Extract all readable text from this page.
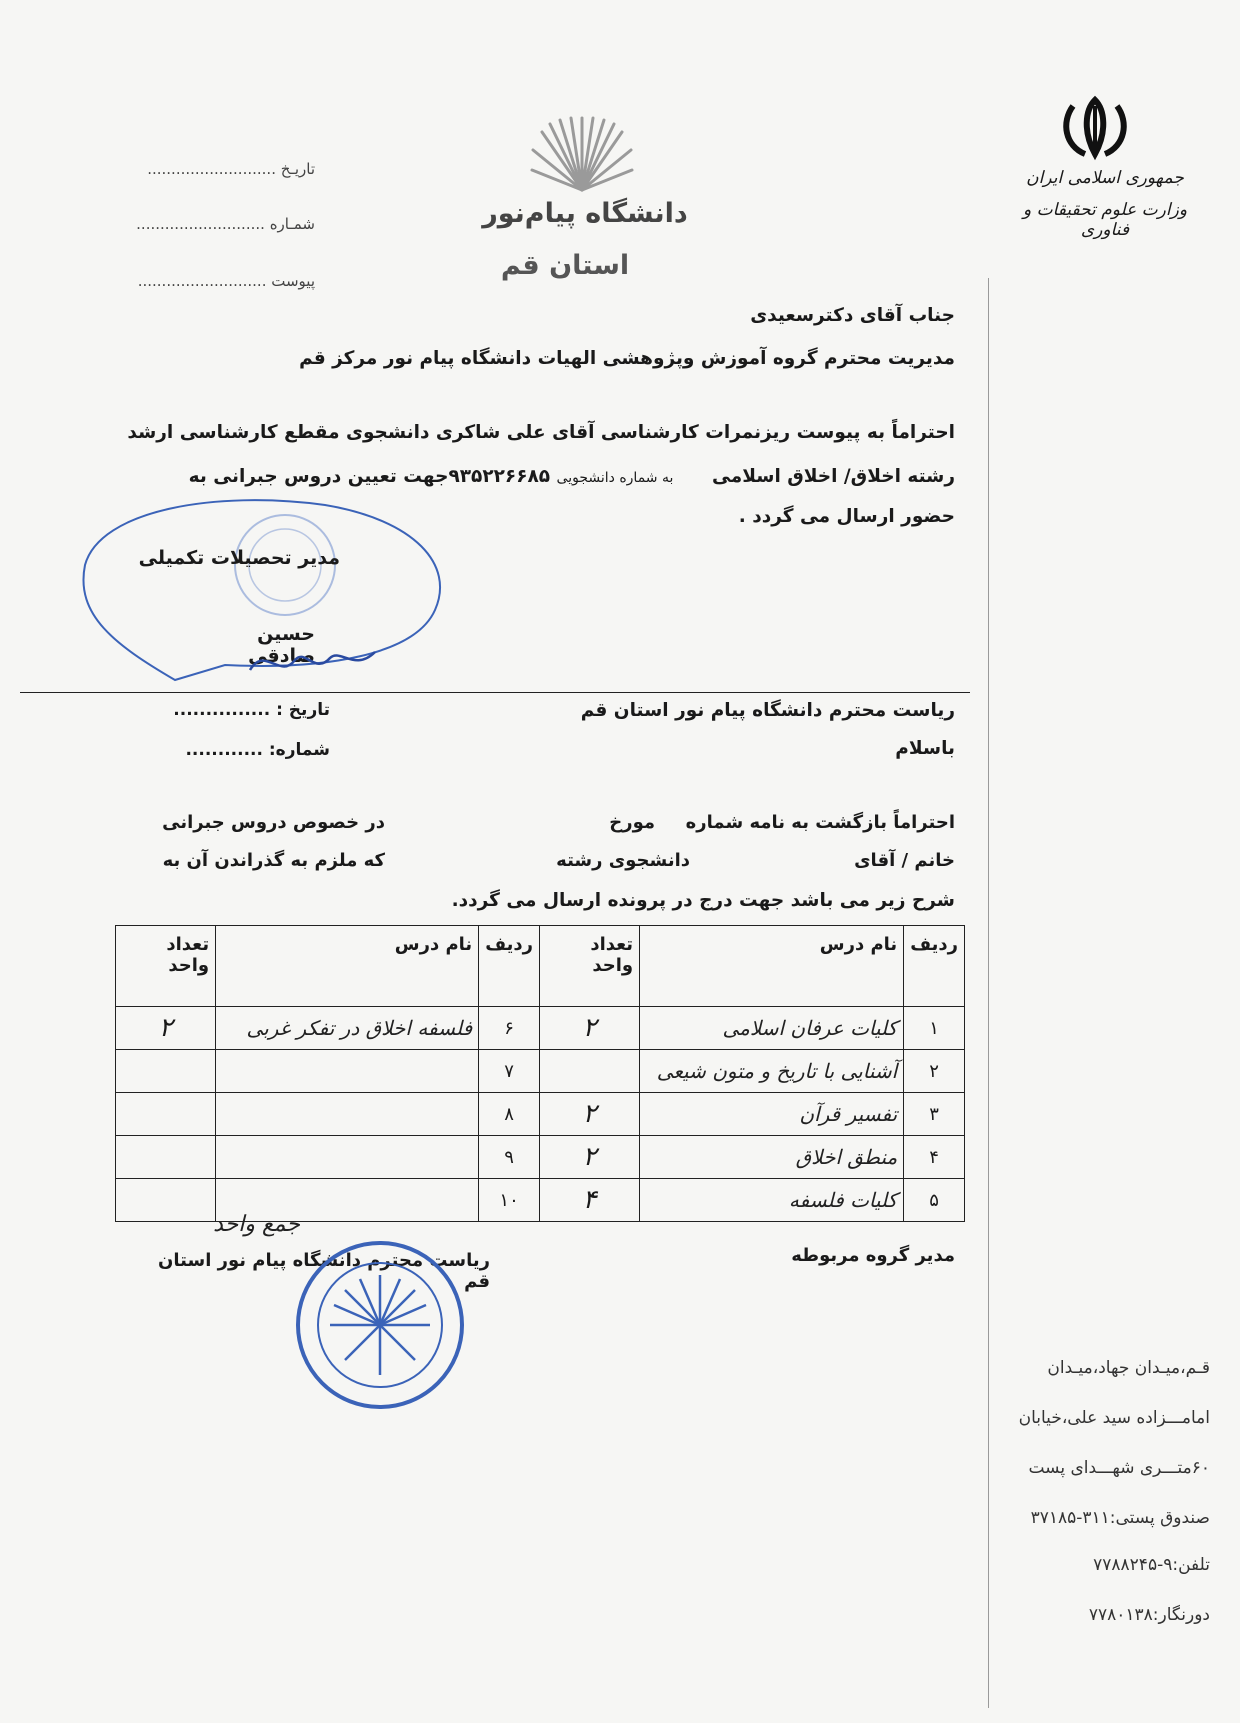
جمهوری اسلامی ایران
وزارت علوم تحقیقات و فناوری
دانشگاه پیام‌نور
استان قم
تاریـخ ...........................
شمـاره ...........................
پیوست ...........................
جناب آقای دکترسعیدی
مدیریت محترم گروه آموزش وپژوهشی الهیات دانشگاه پیام نور مرکز قم
احتراماً به پیوست ریزنمرات کارشناسی آقای علی شاکری دانشجوی مقطع کارشناسی ارشد
رشته اخلاق/ اخلاق اسلامی      به شماره دانشجویی ۹۳۵۲۲۶۶۸۵جهت تعیین دروس جبرانی به
حضور ارسال می گردد .
مدیر تحصیلات تکمیلی
حسین صادقی
ریاست محترم دانشگاه پیام نور استان قم
باسلام
تاریخ : ...............
شماره: ............
احتراماً بازگشت به نامه شماره
مورخ
در خصوص دروس جبرانی
خانم / آقای
دانشجوی رشته
که ملزم به گذراندن آن به
شرح زیر می باشد جهت درج در پرونده ارسال می گردد.
ردیف	نام درس	تعداد واحد	ردیف	نام درس	تعداد واحد
۱	کلیات عرفان اسلامی	۲	۶	فلسفه اخلاق در تفکر غربی	۲
۲	آشنایی با تاریخ و متون شیعی		۷		
۳	تفسیر قرآن	۲	۸		
۴	منطق اخلاق	۲	۹		
۵	کلیات فلسفه	۴	۱۰		
مدیر گروه مربوطه
جمع واحد
ریاست محترم دانشگاه پیام نور استان قم
قـم،میـدان جهاد،میـدان
امامـــزاده سید علی،خیابان
۶۰متـــری شهـــدای پست
صندوق پستی:۳۱۱-۳۷۱۸۵
تلفن:۹-۷۷۸۸۲۴۵
دورنگار:۷۷۸۰۱۳۸
